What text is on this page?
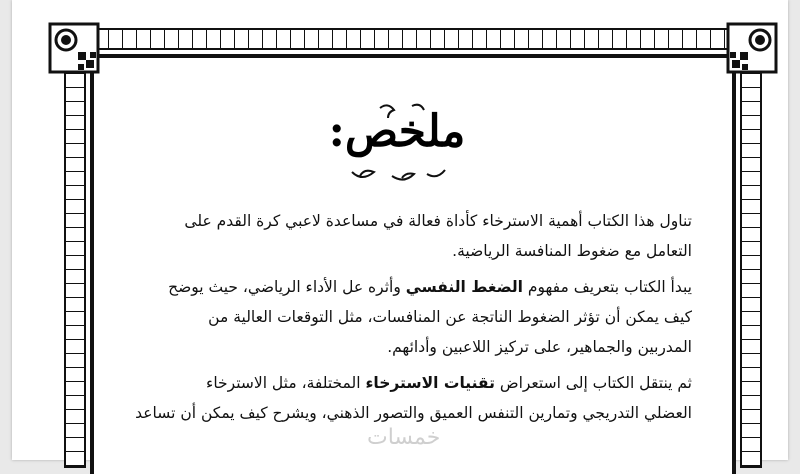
ملخص:

تناول هذا الكتاب أهمية الاسترخاء كأداة فعالة في مساعدة لاعبي كرة القدم على
التعامل مع ضغوط المنافسة الرياضية.

يبدأ الكتاب بتعريف مفهوم الضغط النفسي وأثره عل الأداء الرياضي، حيث يوضح
كيف يمكن أن تؤثر الضغوط الناتجة عن المنافسات، مثل التوقعات العالية من
المدربين والجماهير، على تركيز اللاعبين وأدائهم.

ثم ينتقل الكتاب إلى استعراض تقنيات الاسترخاء المختلفة، مثل الاسترخاء
العضلي التدريجي وتمارين التنفس العميق والتصور الذهني، ويشرح كيف يمكن أن تساعد

خمسات
